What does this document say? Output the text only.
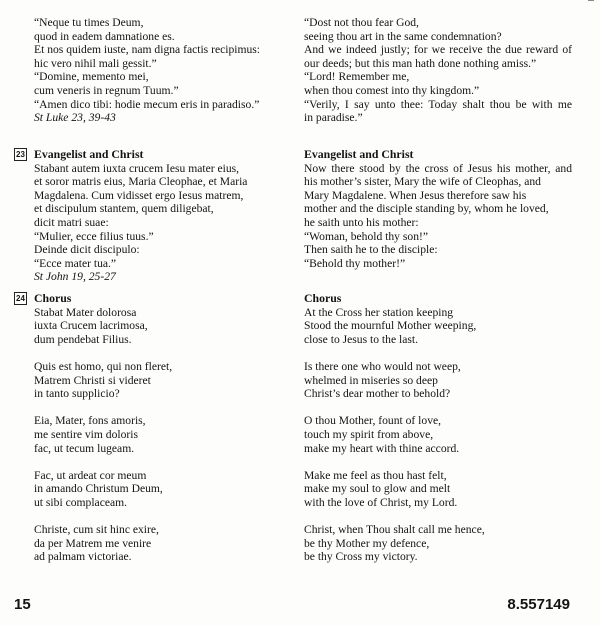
“Neque tu times Deum,
quod in eadem damnatione es.
Et nos quidem iuste, nam digna factis recipimus:
hic vero nihil mali gessit.”
“Domine, memento mei,
cum veneris in regnum Tuum.”
“Amen dico tibi: hodie mecum eris in paradiso.”
St Luke 23, 39-43
23 Evangelist and Christ
Stabant autem iuxta crucem Iesu mater eius,
et soror matris eius, Maria Cleophae, et Maria
Magdalena. Cum vidisset ergo Iesus matrem,
et discipulum stantem, quem diligebat,
dicit matri suae:
“Mulier, ecce filius tuus.”
Deinde dicit discipulo:
“Ecce mater tua.”
St John 19, 25-27
24 Chorus
Stabat Mater dolorosa
iuxta Crucem lacrimosa,
dum pendebat Filius.
Quis est homo, qui non fleret,
Matrem Christi si videret
in tanto supplicio?
Eia, Mater, fons amoris,
me sentire vim doloris
fac, ut tecum lugeam.
Fac, ut ardeat cor meum
in amando Christum Deum,
ut sibi complaceam.
Christe, cum sit hinc exire,
da per Matrem me venire
ad palmam victoriae.
“Dost not thou fear God,
seeing thou art in the same condemnation?
And we indeed justly; for we receive the due reward of
our deeds; but this man hath done nothing amiss.”
“Lord! Remember me,
when thou comest into thy kingdom.”
“Verily, I say unto thee: Today shalt thou be with me
in paradise.”
Evangelist and Christ
Now there stood by the cross of Jesus his mother, and
his mother’s sister, Mary the wife of Cleophas, and
Mary Magdalene. When Jesus therefore saw his
mother and the disciple standing by, whom he loved,
he saith unto his mother:
“Woman, behold thy son!”
Then saith he to the disciple:
“Behold thy mother!”
Chorus
At the Cross her station keeping
Stood the mournful Mother weeping,
close to Jesus to the last.
Is there one who would not weep,
whelmed in miseries so deep
Christ’s dear mother to behold?
O thou Mother, fount of love,
touch my spirit from above,
make my heart with thine accord.
Make me feel as thou hast felt,
make my soul to glow and melt
with the love of Christ, my Lord.
Christ, when Thou shalt call me hence,
be thy Mother my defence,
be thy Cross my victory.
15	8.557149
